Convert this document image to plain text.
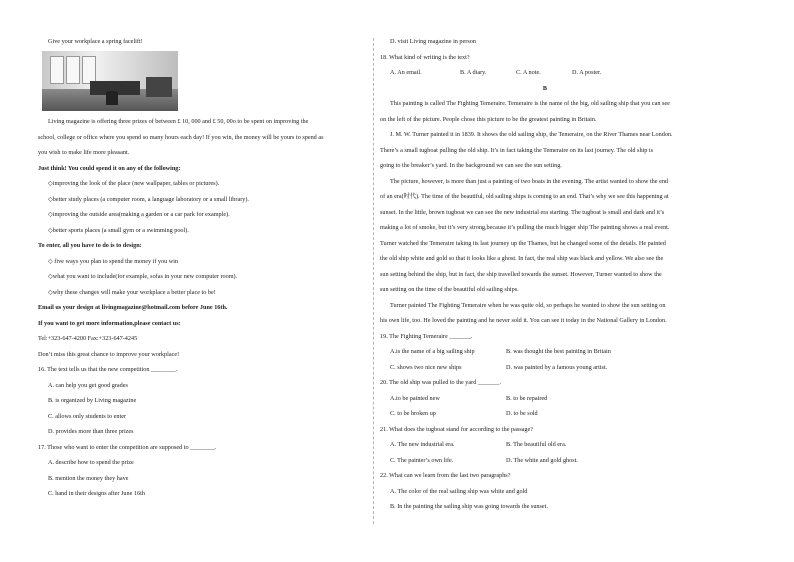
Give your workplace a spring facelift!

Living magazine is offering three prizes of between £ 10, 000 and £ 50, 00o to be spent on improving the

school, college or office where you spend so many hours each day! If you win, the money will be yours to spend as

you wish to make life more pleasant.

Just think! You could spend it on any of the following:

◇improving the look of the place (new wallpaper, tables or pictures).

◇better study places (a computer room, a language laboratory or a small library).

◇improving the outside area(making a garden or a car park for example).

◇better sports places (a small gym or a swimming pool).

To enter, all you have to do is to design:

◇ five ways you plan to spend the money if you win

◇what you want to include(for example, sofas in your new computer room).

◇why these changes will make your workplace a better place to be!

Email us your design at livingmagazine@hotmail.com before June 16th.

If you want to get more information,please contact us:

Tel:+323-647-4200 Fax:+323-647-4245

Don’t miss this great chance to improve your workplace!

16. The text tells us that the new competition ________.

A. can help you get good grades

B. is organized by Living magazine

C. allows only students to enter

D. provides more than three prizes

17. Those who want to enter the competition are supposed to ________.

A. describe how to spend the prize

B. mention the money they have

C. hand in their designs after June 16th

D. visit Living magazine in person

18. What kind of writing is the text?

A. An email.	B. A diary.	C. A note.	D. A poster.

B

This painting is called The Fighting Temeraire. Temeraire is the name of the big, old sailing ship that you can see

on the left of the picture. People chose this picture to be the greatest painting in Britain.

J. M. W. Turner painted it in 1839. It shows the old sailing ship, the Temeraire, on the River Thames near London.

There’s a small tugboat pulling the old ship. It’s in fact taking the Temeraire on its last journey. The old ship is

going to the breaker’s yard. In the background we can see the sun setting.

The picture, however, is more than just a painting of two boats in the evening. The artist wanted to show the end

of an era(时代). The time of the beautiful, old sailing ships is coming to an end. That’s why we see this happening at

sunset. In the little, brown tugboat we can see the new industrial era starting. The tugboat is small and dark and it’s

making a lot of smoke, but it’s very strong,because it’s pulling the much bigger ship The painting shows a real event.

Turner watched the Temeraire taking its last journey up the Thames, but he changed some of the details. He painted

the old ship white and gold so that it looks like a ghost. In fact, the real ship was black and yellow. We also see the

sun setting behind the ship, but in fact, the ship travelled towards the sunset. However, Turner wanted to show the

sun setting on the time of the beautiful old sailing ships.

Turner painted The Fighting Temeraire when he was quite old, so perhaps he wanted to show the sun setting on

his own life, too. He loved the painting and he never sold it. You can see it today in the National Gallery in London.

19. The Fighting Temeraire _______.

A.is the name of a big sailing ship	B. was thought the best painting in Britain
C. shows two nice new ships	D. was painted by a famous young artist.

20. The old ship was pulled to the yard _______.

A.to be painted new	B. to be repaired
C. to be broken up	D. to be sold

21. What does the tugboat stand for according to the passage?

A. The new industrial era.	B. The beautiful old era.
C. The painter’s own life.	D. The white and gold ghost.

22. What can we learn from the last two paragraphs?

A. The color of the real sailing ship was white and gold

B. In the painting the sailing ship was going towards the sunset.
